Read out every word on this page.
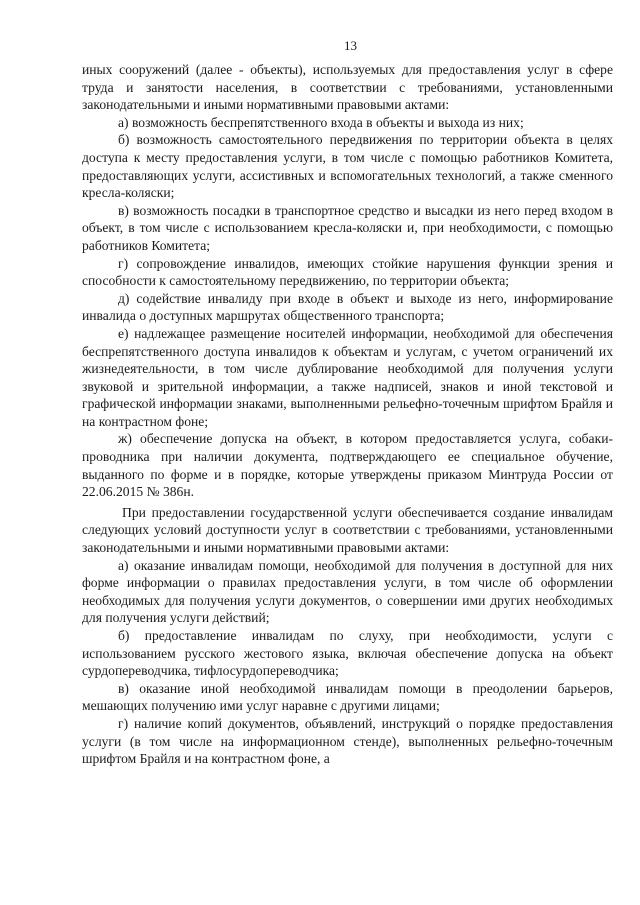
13

иных сооружений (далее - объекты), используемых для предоставления услуг в сфере труда и занятости населения, в соответствии с требованиями, установленными законодательными и иными нормативными правовыми актами:

а) возможность беспрепятственного входа в объекты и выхода из них;

б) возможность самостоятельного передвижения по территории объекта в целях доступа к месту предоставления услуги, в том числе с помощью работников Комитета, предоставляющих услуги, ассистивных и вспомогательных технологий, а также сменного кресла-коляски;

в) возможность посадки в транспортное средство и высадки из него перед входом в объект, в том числе с использованием кресла-коляски и, при необходимости, с помощью работников Комитета;

г) сопровождение инвалидов, имеющих стойкие нарушения функции зрения и способности к самостоятельному передвижению, по территории объекта;

д) содействие инвалиду при входе в объект и выходе из него, информирование инвалида о доступных маршрутах общественного транспорта;

е) надлежащее размещение носителей информации, необходимой для обеспечения беспрепятственного доступа инвалидов к объектам и услугам, с учетом ограничений их жизнедеятельности, в том числе дублирование необходимой для получения услуги звуковой и зрительной информации, а также надписей, знаков и иной текстовой и графической информации знаками, выполненными рельефно-точечным шрифтом Брайля и на контрастном фоне;

ж) обеспечение допуска на объект, в котором предоставляется услуга, собаки-проводника при наличии документа, подтверждающего ее специальное обучение, выданного по форме и в порядке, которые утверждены приказом Минтруда России от 22.06.2015 № 386н.

При предоставлении государственной услуги обеспечивается создание инвалидам следующих условий доступности услуг в соответствии с требованиями, установленными законодательными и иными нормативными правовыми актами:

а) оказание инвалидам помощи, необходимой для получения в доступной для них форме информации о правилах предоставления услуги, в том числе об оформлении необходимых для получения услуги документов, о совершении ими других необходимых для получения услуги действий;

б) предоставление инвалидам по слуху, при необходимости, услуги с использованием русского жестового языка, включая обеспечение допуска на объект сурдопереводчика, тифлосурдопереводчика;

в) оказание иной необходимой инвалидам помощи в преодолении барьеров, мешающих получению ими услуг наравне с другими лицами;

г) наличие копий документов, объявлений, инструкций о порядке предоставления услуги (в том числе на информационном стенде), выполненных рельефно-точечным шрифтом Брайля и на контрастном фоне, а
